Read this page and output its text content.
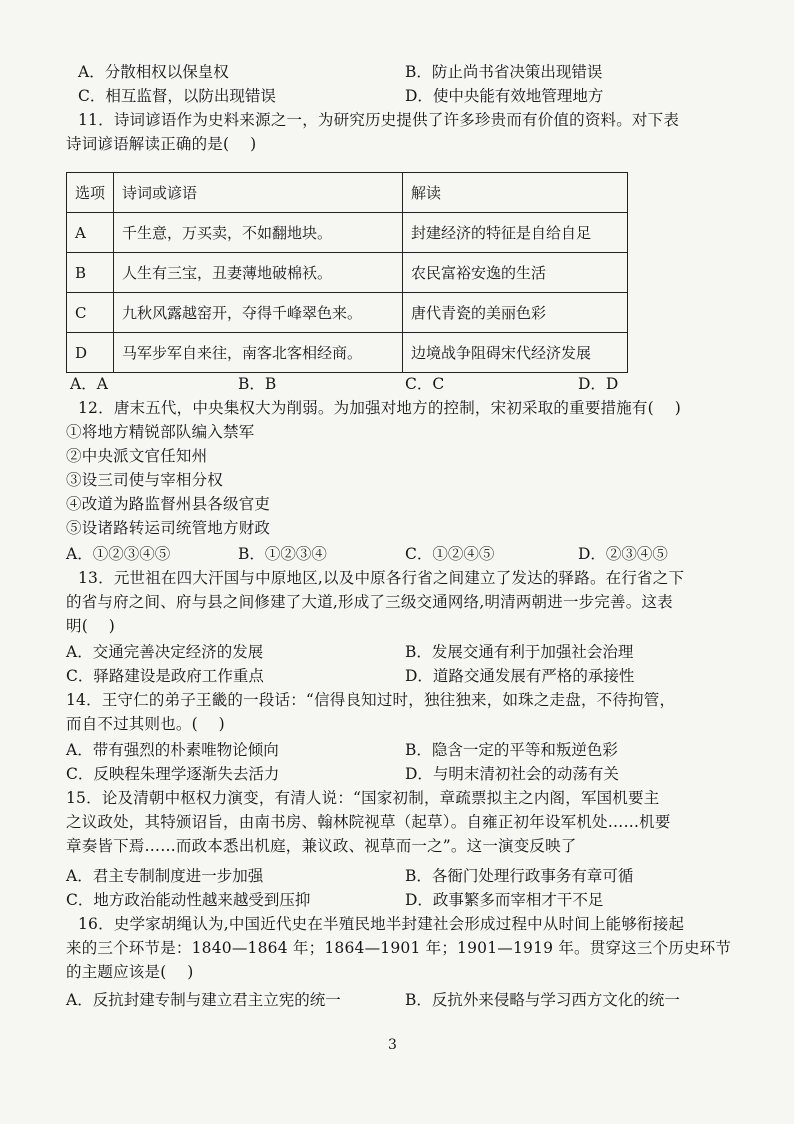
A．分散相权以保皇权	B．防止尚书省决策出现错误
C．相互监督，以防出现错误	D．使中央能有效地管理地方
11．诗词谚语作为史料来源之一，为研究历史提供了许多珍贵而有价值的资料。对下表
诗词谚语解读正确的是(　 )
选项	诗词或谚语	解读
A	千生意，万买卖，不如翻地块。	封建经济的特征是自给自足
B	人生有三宝，丑妻薄地破棉袄。	农民富裕安逸的生活
C	九秋风露越窑开，夺得千峰翠色来。	唐代青瓷的美丽色彩
D	马军步军自来往，南客北客相经商。	边境战争阻碍宋代经济发展
A．A	B．B	C．C	D．D
12．唐末五代，中央集权大为削弱。为加强对地方的控制，宋初采取的重要措施有(　 )
①将地方精锐部队编入禁军
②中央派文官任知州
③设三司使与宰相分权
④改道为路监督州县各级官吏
⑤设诸路转运司统管地方财政
A．①②③④⑤	B．①②③④	C．①②④⑤	D．②③④⑤
13．元世祖在四大汗国与中原地区,以及中原各行省之间建立了发达的驿路。在行省之下
的省与府之间、府与县之间修建了大道,形成了三级交通网络,明清两朝进一步完善。这表
明(　 )
A．交通完善决定经济的发展	B．发展交通有利于加强社会治理
C．驿路建设是政府工作重点	D．道路交通发展有严格的承接性
14．王守仁的弟子王畿的一段话：“信得良知过时，独往独来，如珠之走盘，不待拘管，
而自不过其则也。(　 )
A．带有强烈的朴素唯物论倾向	B．隐含一定的平等和叛逆色彩
C．反映程朱理学逐渐失去活力	D．与明末清初社会的动荡有关
15．论及清朝中枢权力演变，有清人说：“国家初制，章疏票拟主之内阁，军国机要主
之议政处，其特颁诏旨，由南书房、翰林院视草（起草）。自雍正初年设军机处……机要
章奏皆下焉……而政本悉出机庭，兼议政、视草而一之”。这一演变反映了
A．君主专制制度进一步加强	B．各衙门处理行政事务有章可循
C．地方政治能动性越来越受到压抑	D．政事繁多而宰相才干不足
16．史学家胡绳认为,中国近代史在半殖民地半封建社会形成过程中从时间上能够衔接起
来的三个环节是：1840—1864 年；1864—1901 年；1901—1919 年。贯穿这三个历史环节
的主题应该是(　 )
A．反抗封建专制与建立君主立宪的统一	B．反抗外来侵略与学习西方文化的统一
3
